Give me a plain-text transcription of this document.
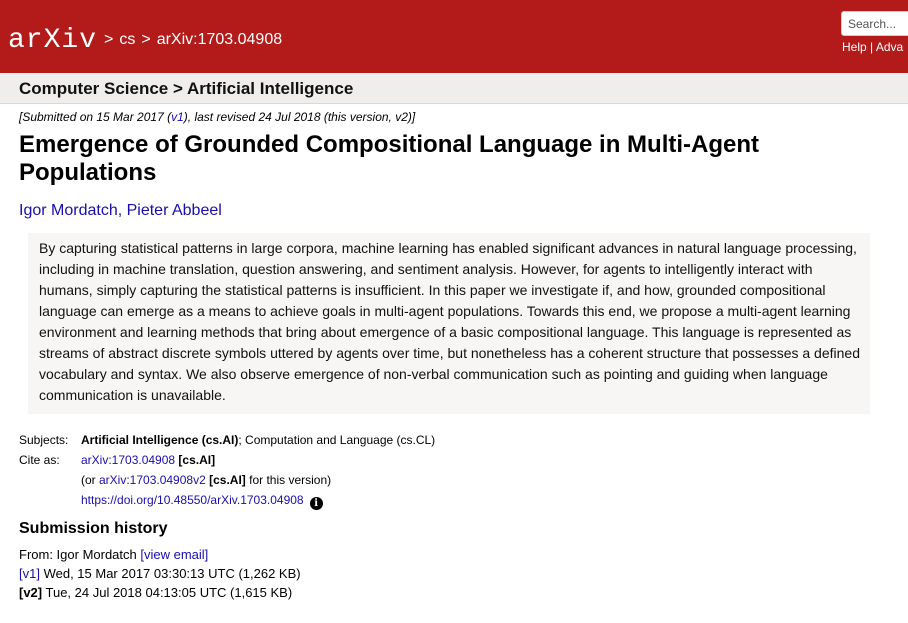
arXiv > cs > arXiv:1703.04908
Search...	Help | Adva
Computer Science > Artificial Intelligence
[Submitted on 15 Mar 2017 (v1), last revised 24 Jul 2018 (this version, v2)]
Emergence of Grounded Compositional Language in Multi-Agent Populations
Igor Mordatch, Pieter Abbeel
By capturing statistical patterns in large corpora, machine learning has enabled significant advances in natural language processing, including in machine translation, question answering, and sentiment analysis. However, for agents to intelligently interact with humans, simply capturing the statistical patterns is insufficient. In this paper we investigate if, and how, grounded compositional language can emerge as a means to achieve goals in multi-agent populations. Towards this end, we propose a multi-agent learning environment and learning methods that bring about emergence of a basic compositional language. This language is represented as streams of abstract discrete symbols uttered by agents over time, but nonetheless has a coherent structure that possesses a defined vocabulary and syntax. We also observe emergence of non-verbal communication such as pointing and guiding when language communication is unavailable.
Subjects:	Artificial Intelligence (cs.AI); Computation and Language (cs.CL)
Cite as:	arXiv:1703.04908 [cs.AI]
	(or arXiv:1703.04908v2 [cs.AI] for this version)
	https://doi.org/10.48550/arXiv.1703.04908 i
Submission history
From: Igor Mordatch [view email]
[v1] Wed, 15 Mar 2017 03:30:13 UTC (1,262 KB)
[v2] Tue, 24 Jul 2018 04:13:05 UTC (1,615 KB)
